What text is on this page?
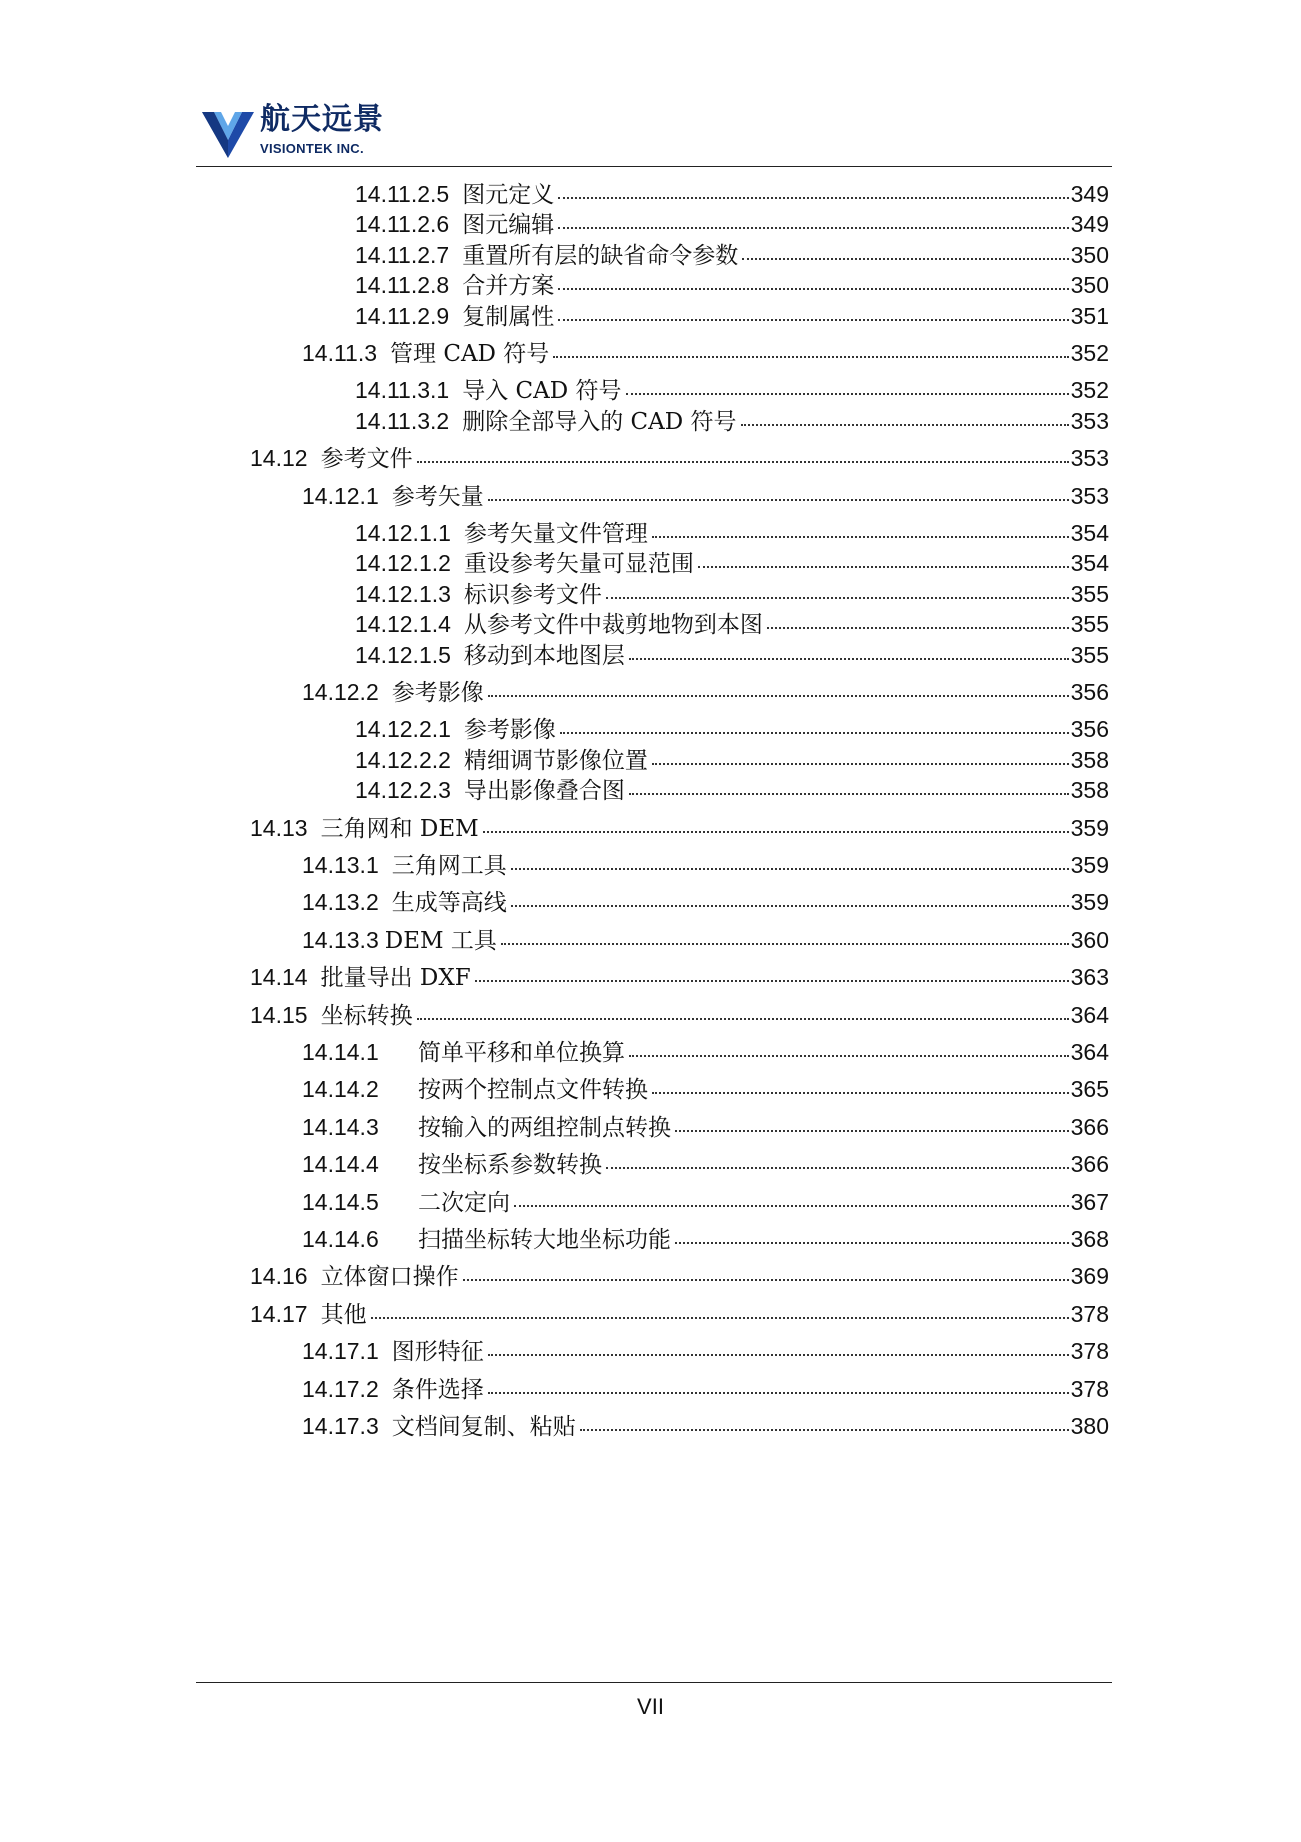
航天远景
VISIONTEK INC.
14.11.2.5 图元定义	349
14.11.2.6 图元编辑	349
14.11.2.7 重置所有层的缺省命令参数	350
14.11.2.8 合并方案	350
14.11.2.9 复制属性	351
14.11.3 管理 CAD 符号	352
14.11.3.1 导入 CAD 符号	352
14.11.3.2 删除全部导入的 CAD 符号	353
14.12 参考文件	353
14.12.1 参考矢量	353
14.12.1.1 参考矢量文件管理	354
14.12.1.2 重设参考矢量可显范围	354
14.12.1.3 标识参考文件	355
14.12.1.4 从参考文件中裁剪地物到本图	355
14.12.1.5 移动到本地图层	355
14.12.2 参考影像	356
14.12.2.1 参考影像	356
14.12.2.2 精细调节影像位置	358
14.12.2.3 导出影像叠合图	358
14.13 三角网和 DEM	359
14.13.1 三角网工具	359
14.13.2 生成等高线	359
14.13.3 DEM 工具	360
14.14 批量导出 DXF	363
14.15 坐标转换	364
14.14.1	简单平移和单位换算	364
14.14.2	按两个控制点文件转换	365
14.14.3	按输入的两组控制点转换	366
14.14.4	按坐标系参数转换	366
14.14.5	二次定向	367
14.14.6	扫描坐标转大地坐标功能	368
14.16 立体窗口操作	369
14.17 其他	378
14.17.1 图形特征	378
14.17.2 条件选择	378
14.17.3 文档间复制、粘贴	380
VII
